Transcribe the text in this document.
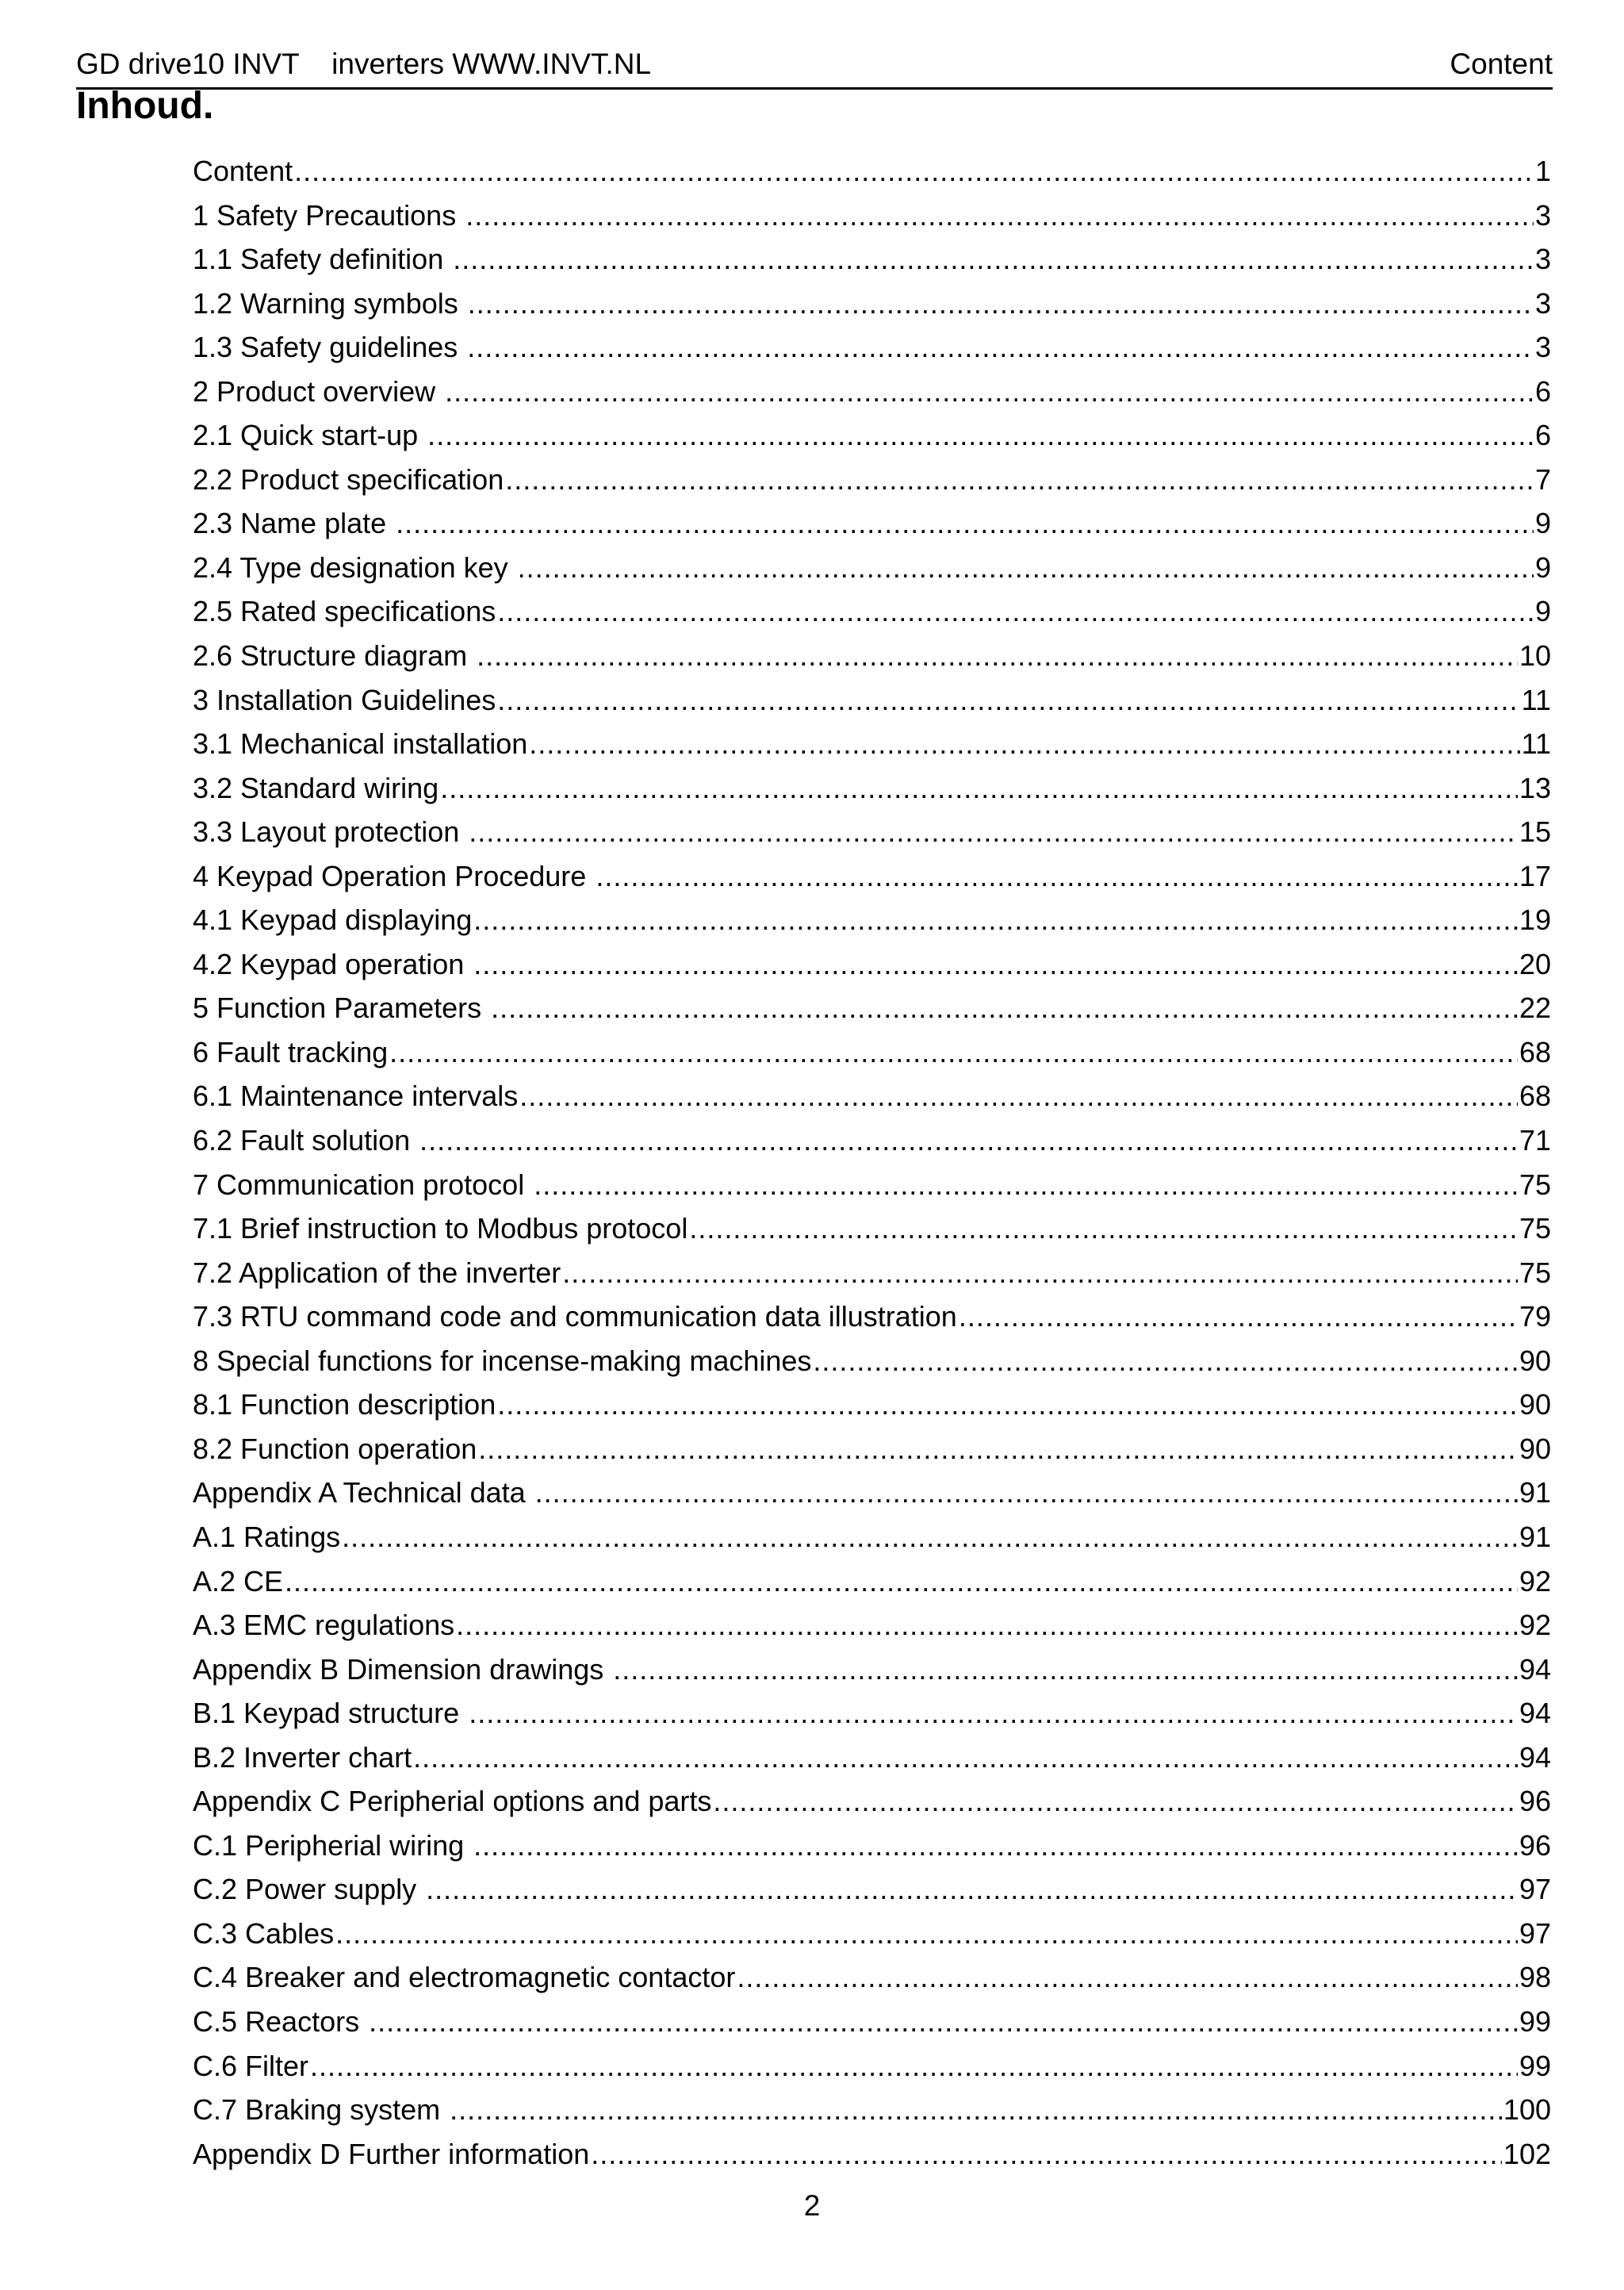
GD drive10 INVT    inverters WWW.INVT.NL	Content
Inhoud.
Content .....	1
1 Safety Precautions .....	3
1.1 Safety definition .....	3
1.2 Warning symbols .....	3
1.3 Safety guidelines .....	3
2 Product overview .....	6
2.1 Quick start-up .....	6
2.2 Product specification .....	7
2.3 Name plate .....	9
2.4 Type designation key .....	9
2.5 Rated specifications .....	9
2.6 Structure diagram .....	10
3 Installation Guidelines .....	11
3.1 Mechanical installation .....	11
3.2 Standard wiring .....	13
3.3 Layout protection .....	15
4 Keypad Operation Procedure .....	17
4.1 Keypad displaying .....	19
4.2 Keypad operation .....	20
5 Function Parameters .....	22
6 Fault tracking .....	68
6.1 Maintenance intervals .....	68
6.2 Fault solution .....	71
7 Communication protocol .....	75
7.1 Brief instruction to Modbus protocol .....	75
7.2 Application of the inverter .....	75
7.3 RTU command code and communication data illustration .....	79
8 Special functions for incense-making machines .....	90
8.1 Function description .....	90
8.2 Function operation .....	90
Appendix A Technical data .....	91
A.1 Ratings .....	91
A.2 CE .....	92
A.3 EMC regulations .....	92
Appendix B Dimension drawings .....	94
B.1 Keypad structure .....	94
B.2 Inverter chart .....	94
Appendix C Peripherial options and parts .....	96
C.1 Peripherial wiring .....	96
C.2 Power supply .....	97
C.3 Cables .....	97
C.4 Breaker and electromagnetic contactor .....	98
C.5 Reactors .....	99
C.6 Filter .....	99
C.7 Braking system .....	100
Appendix D Further information .....	102
2
